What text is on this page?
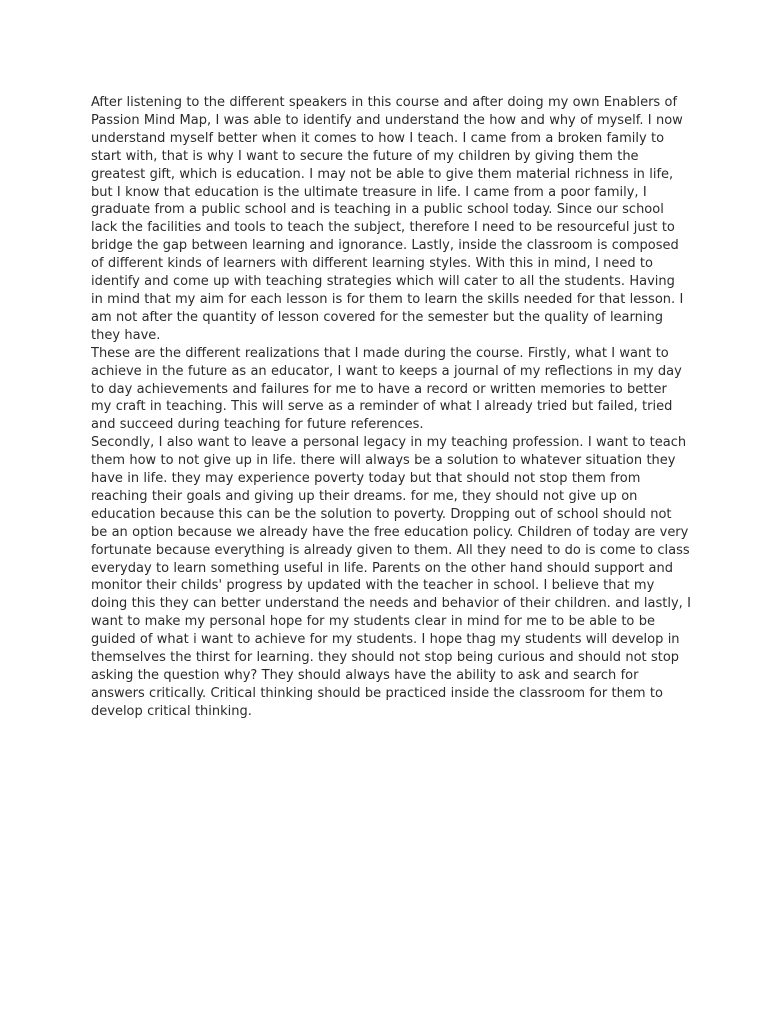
After listening to the different speakers in this course and after doing my own Enablers of Passion Mind Map, I was able to identify and understand the how and why of myself. I now understand myself better when it comes to how I teach. I came from a broken family to start with, that is why I want to secure the future of my children by giving them the greatest gift, which is education. I may not be able to give them material richness in life, but I know that education is the ultimate treasure in life. I came from a poor family, I graduate from a public school and is teaching in a public school today. Since our school lack the facilities and tools to teach the subject, therefore I need to be resourceful just to bridge the gap between learning and ignorance. Lastly, inside the classroom is composed of different kinds of learners with different learning styles. With this in mind, I need to identify and come up with teaching strategies which will cater to all the students. Having in mind that my aim for each lesson is for them to learn the skills needed for that lesson. I am not after the quantity of lesson covered for the semester but the quality of learning they have.

These are the different realizations that I made during the course. Firstly, what I want to achieve in the future as an educator, I want to keeps a journal of my reflections in my day to day achievements and failures for me to have a record or written memories to better my craft in teaching. This will serve as a reminder of what I already tried but failed, tried and succeed during teaching for future references.

Secondly, I also want to leave a personal legacy in my teaching profession. I want to teach them how to not give up in life. there will always be a solution to whatever situation they have in life. they may experience poverty today but that should not stop them from reaching their goals and giving up their dreams. for me, they should not give up on education because this can be the solution to poverty. Dropping out of school should not be an option because we already have the free education policy. Children of today are very fortunate because everything is already given to them. All they need to do is come to class everyday to learn something useful in life. Parents on the other hand should support and monitor their childs' progress by updated with the teacher in school. I believe that my doing this they can better understand the needs and behavior of their children. and lastly, I want to make my personal hope for my students clear in mind for me to be able to be guided of what i want to achieve for my students. I hope thag my students will develop in themselves the thirst for learning. they should not stop being curious and should not stop asking the question why? They should always have the ability to ask and search for answers critically. Critical thinking should be practiced inside the classroom for them to develop critical thinking.
